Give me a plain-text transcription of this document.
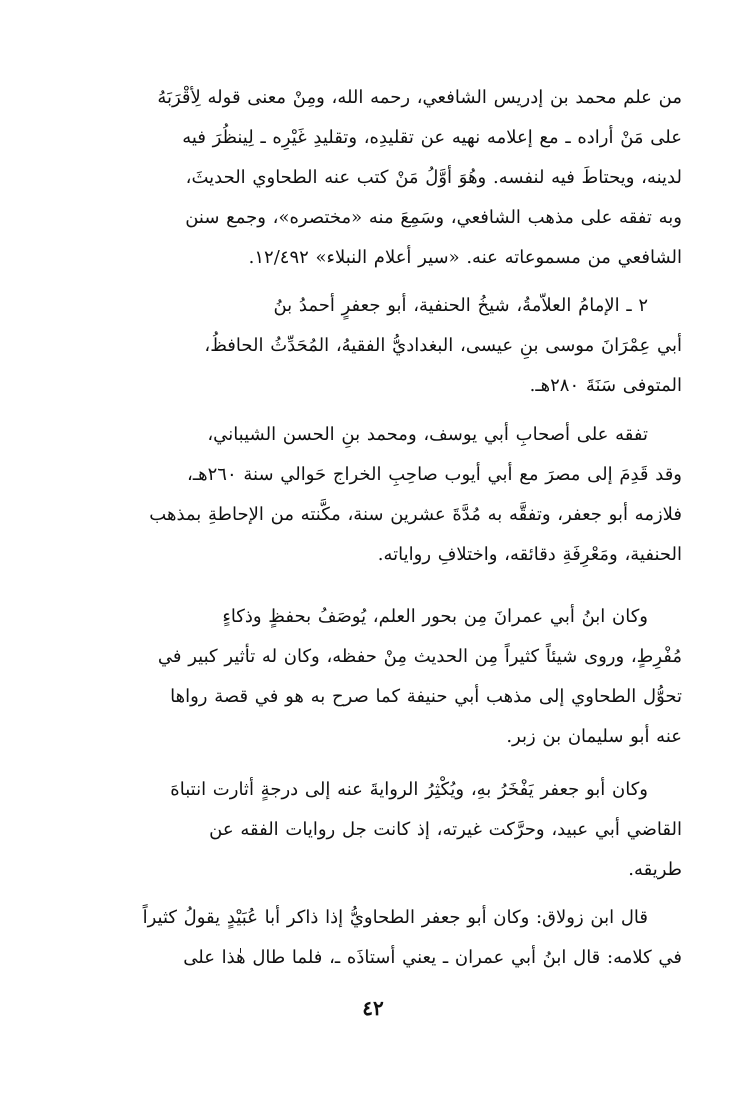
من علم محمد بن إدريس الشافعي، رحمه الله، ومِنْ معنى قوله لِأقْرَبَهُ
على مَنْ أراده ـ مع إعلامه نهيه عن تقليدِه، وتقليدِ غَيْرِه ـ لِينظُرَ فيه
لدينه، ويحتاطَ فيه لنفسه. وهُوَ أوَّلُ مَنْ كتب عنه الطحاوي الحديثَ،
وبه تفقه على مذهب الشافعي، وسَمِعَ منه «مختصره»، وجمع سنن
الشافعي من مسموعاته عنه. «سير أعلام النبلاء» ١٢/٤٩٢.

٢ ـ الإمامُ العلاّمةُ، شيخُ الحنفية، أبو جعفرٍ أحمدُ بنُ
أبي عِمْرَانَ موسى بنِ عيسى، البغداديُّ الفقيهُ، المُحَدِّثُ الحافظُ،
المتوفى سَنَةَ ٢٨٠هـ.

تفقه على أصحابِ أبي يوسف، ومحمد بنِ الحسن الشيباني،
وقد قَدِمَ إلى مصرَ مع أبي أيوب صاحِبِ الخراج حَوالي سنة ٢٦٠هـ،
فلازمه أبو جعفر، وتفقَّه به مُدَّةَ عشرين سنة، مكَّنته من الإحاطةِ بمذهب
الحنفية، ومَعْرِفَةِ دقائقه، واختلافِ رواياته.

وكان ابنُ أبي عمرانَ مِن بحور العلم، يُوصَفُ بحفظٍ وذكاءٍ
مُفْرِطٍ، وروى شيئاً كثيراً مِن الحديث مِنْ حفظه، وكان له تأثير كبير في
تحوُّل الطحاوي إلى مذهب أبي حنيفة كما صرح به هو في قصة رواها
عنه أبو سليمان بن زبر.

وكان أبو جعفر يَفْخَرُ بهِ، ويُكْثِرُ الروايةَ عنه إلى درجةٍ أثارت انتباهَ
القاضي أبي عبيد، وحرَّكت غيرته، إذ كانت جل روايات الفقه عن
طريقه.

قال ابن زولاق: وكان أبو جعفر الطحاويُّ إذا ذاكر أبا عُبَيْدٍ يقولُ كثيراً
في كلامه: قال ابنُ أبي عمران ـ يعني أستاذَه ـ، فلما طال هٰذا على

٤٢
